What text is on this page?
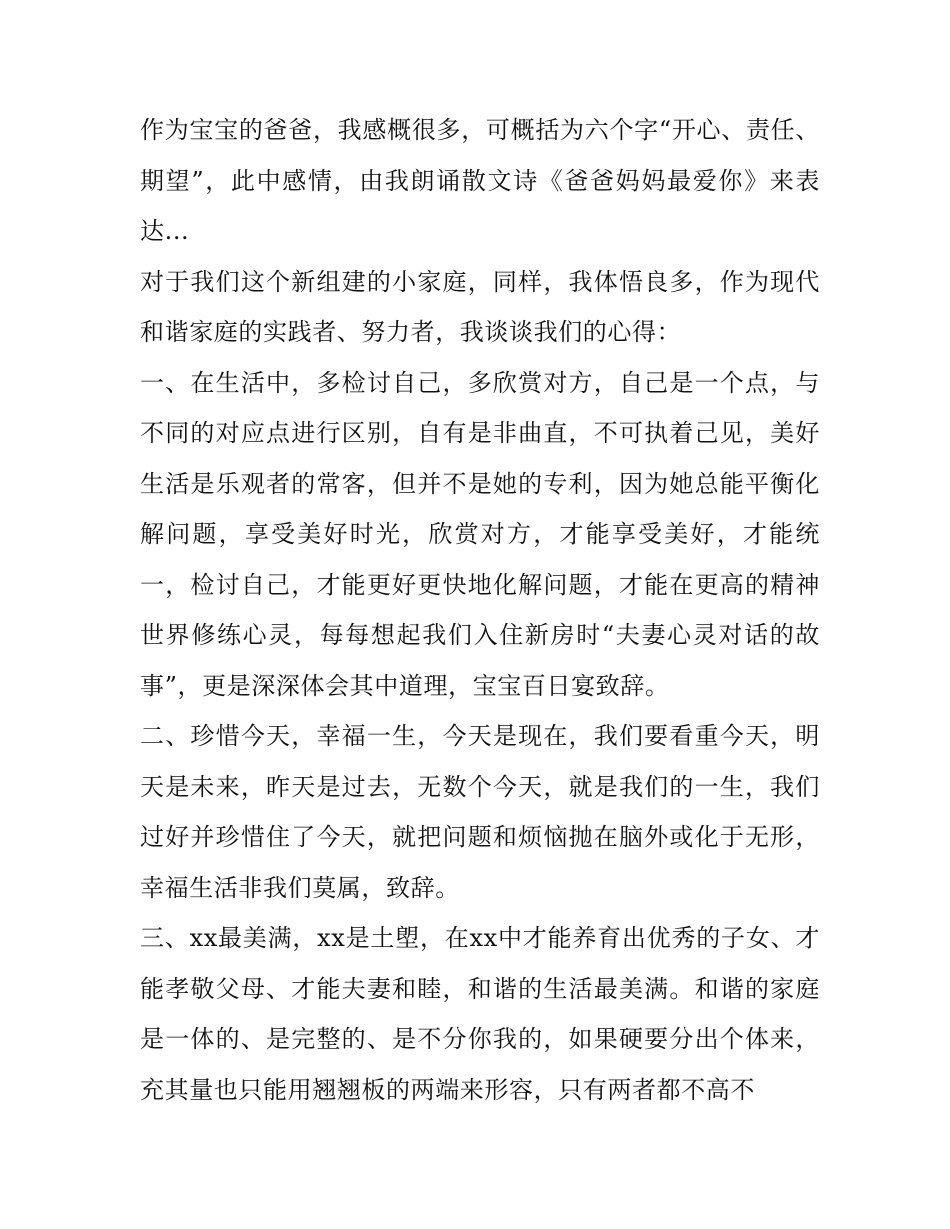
作为宝宝的爸爸，我感概很多，可概括为六个字“开心、责任、期望”，此中感情，由我朗诵散文诗《爸爸妈妈最爱你》来表达...

对于我们这个新组建的小家庭，同样，我体悟良多，作为现代和谐家庭的实践者、努力者，我谈谈我们的心得：

一、在生活中，多检讨自己，多欣赏对方，自己是一个点，与不同的对应点进行区别，自有是非曲直，不可执着己见，美好生活是乐观者的常客，但并不是她的专利，因为她总能平衡化解问题，享受美好时光，欣赏对方，才能享受美好，才能统一，检讨自己，才能更好更快地化解问题，才能在更高的精神世界修练心灵，每每想起我们入住新房时“夫妻心灵对话的故事”，更是深深体会其中道理，宝宝百日宴致辞。

二、珍惜今天，幸福一生，今天是现在，我们要看重今天，明天是未来，昨天是过去，无数个今天，就是我们的一生，我们过好并珍惜住了今天，就把问题和烦恼抛在脑外或化于无形，幸福生活非我们莫属，致辞。

三、xx最美满，xx是土塱，在xx中才能养育出优秀的子女、才能孝敬父母、才能夫妻和睦，和谐的生活最美满。和谐的家庭是一体的、是完整的、是不分你我的，如果硬要分出个体来，充其量也只能用翘翘板的两端来形容，只有两者都不高不
